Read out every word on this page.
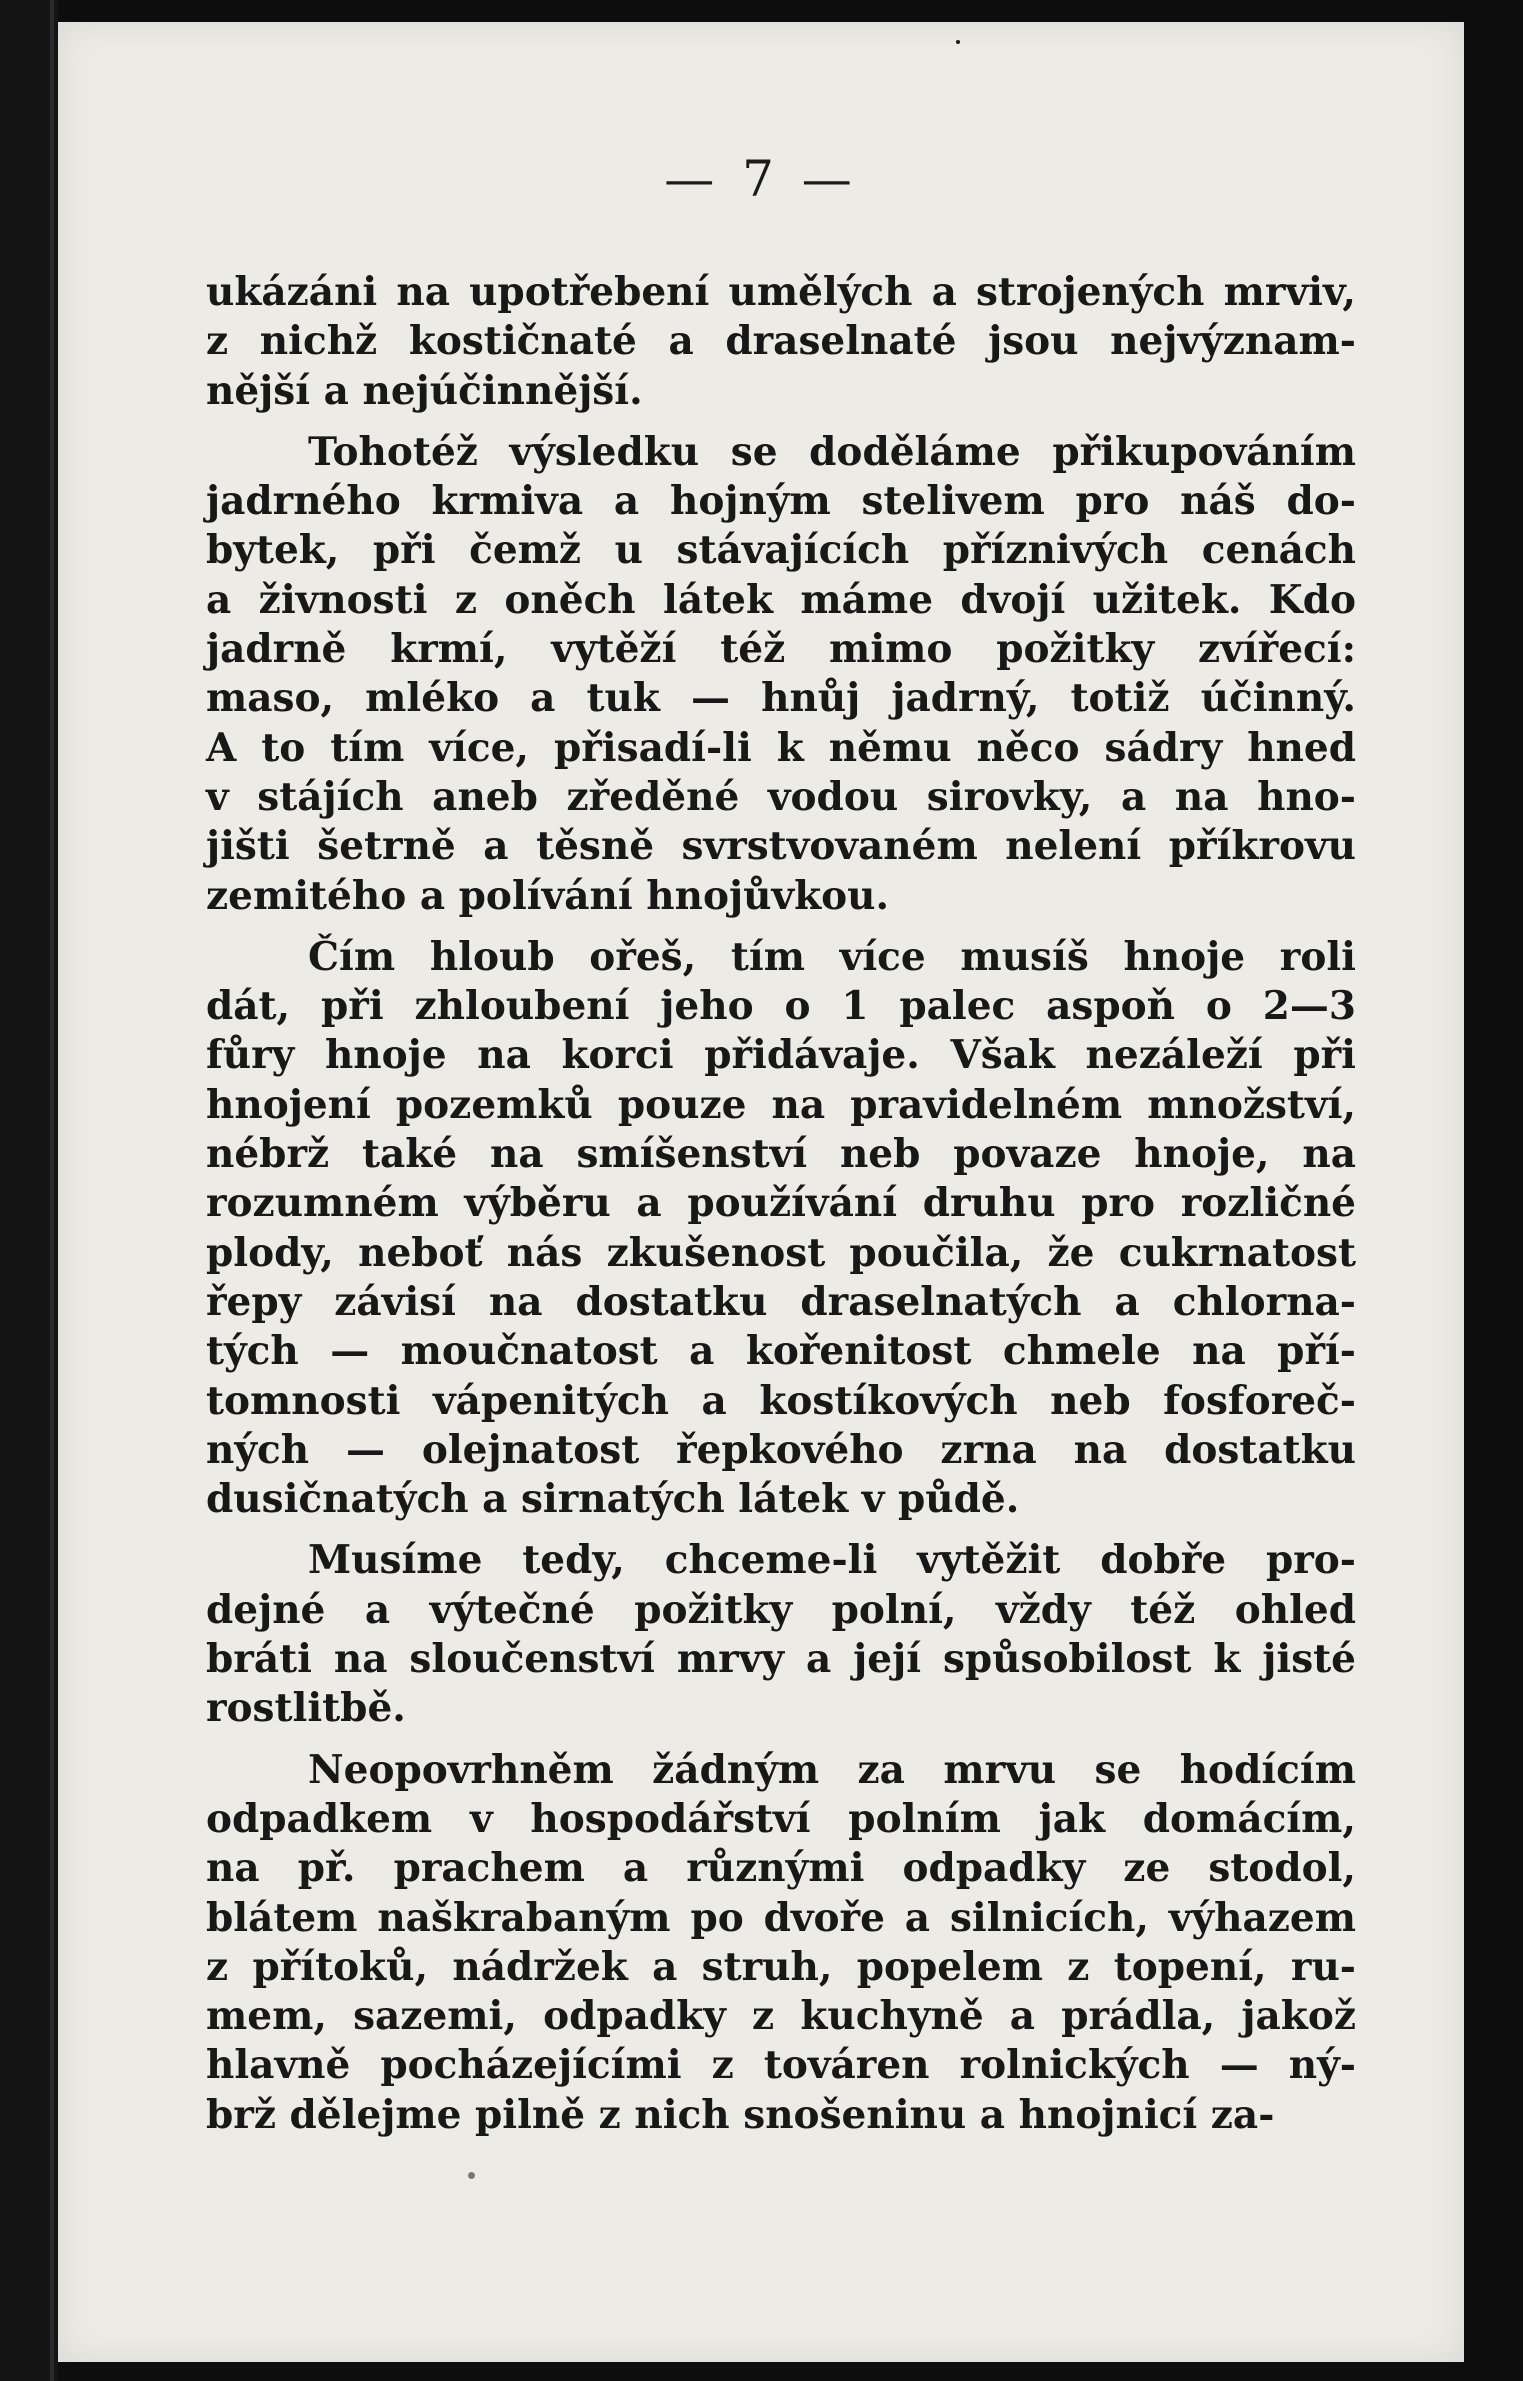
— 7 —
ukázáni na upotřebení umělých a strojených mrviv,
z nichž kostičnaté a draselnaté jsou nejvýznam-
nější a nejúčinnější.
Tohotéž výsledku se doděláme přikupováním
jadrného krmiva a hojným stelivem pro náš do-
bytek, při čemž u stávajících příznivých cenách
a živnosti z oněch látek máme dvojí užitek. Kdo
jadrně krmí, vytěží též mimo požitky zvířecí:
maso, mléko a tuk — hnůj jadrný, totiž účinný.
A to tím více, přisadí-li k němu něco sádry hned
v stájích aneb zředěné vodou sirovky, a na hno-
jišti šetrně a těsně svrstvovaném nelení příkrovu
zemitého a polívání hnojůvkou.
Čím hloub ořeš, tím více musíš hnoje roli
dát, při zhloubení jeho o 1 palec aspoň o 2—3
fůry hnoje na korci přidávaje. Však nezáleží při
hnojení pozemků pouze na pravidelném množství,
nébrž také na smíšenství neb povaze hnoje, na
rozumném výběru a používání druhu pro rozličné
plody, neboť nás zkušenost poučila, že cukrnatost
řepy závisí na dostatku draselnatých a chlorna-
tých — moučnatost a kořenitost chmele na pří-
tomnosti vápenitých a kostíkových neb fosforeč-
ných — olejnatost řepkového zrna na dostatku
dusičnatých a sirnatých látek v půdě.
Musíme tedy, chceme-li vytěžit dobře pro-
dejné a výtečné požitky polní, vždy též ohled
bráti na sloučenství mrvy a její spůsobilost k jisté
rostlitbě.
Neopovrhněm žádným za mrvu se hodícím
odpadkem v hospodářství polním jak domácím,
na př. prachem a různými odpadky ze stodol,
blátem naškrabaným po dvoře a silnicích, výhazem
z přítoků, nádržek a struh, popelem z topení, ru-
mem, sazemi, odpadky z kuchyně a prádla, jakož
hlavně pocházejícími z továren rolnických — ný-
brž dělejme pilně z nich snošeninu a hnojnicí za-
